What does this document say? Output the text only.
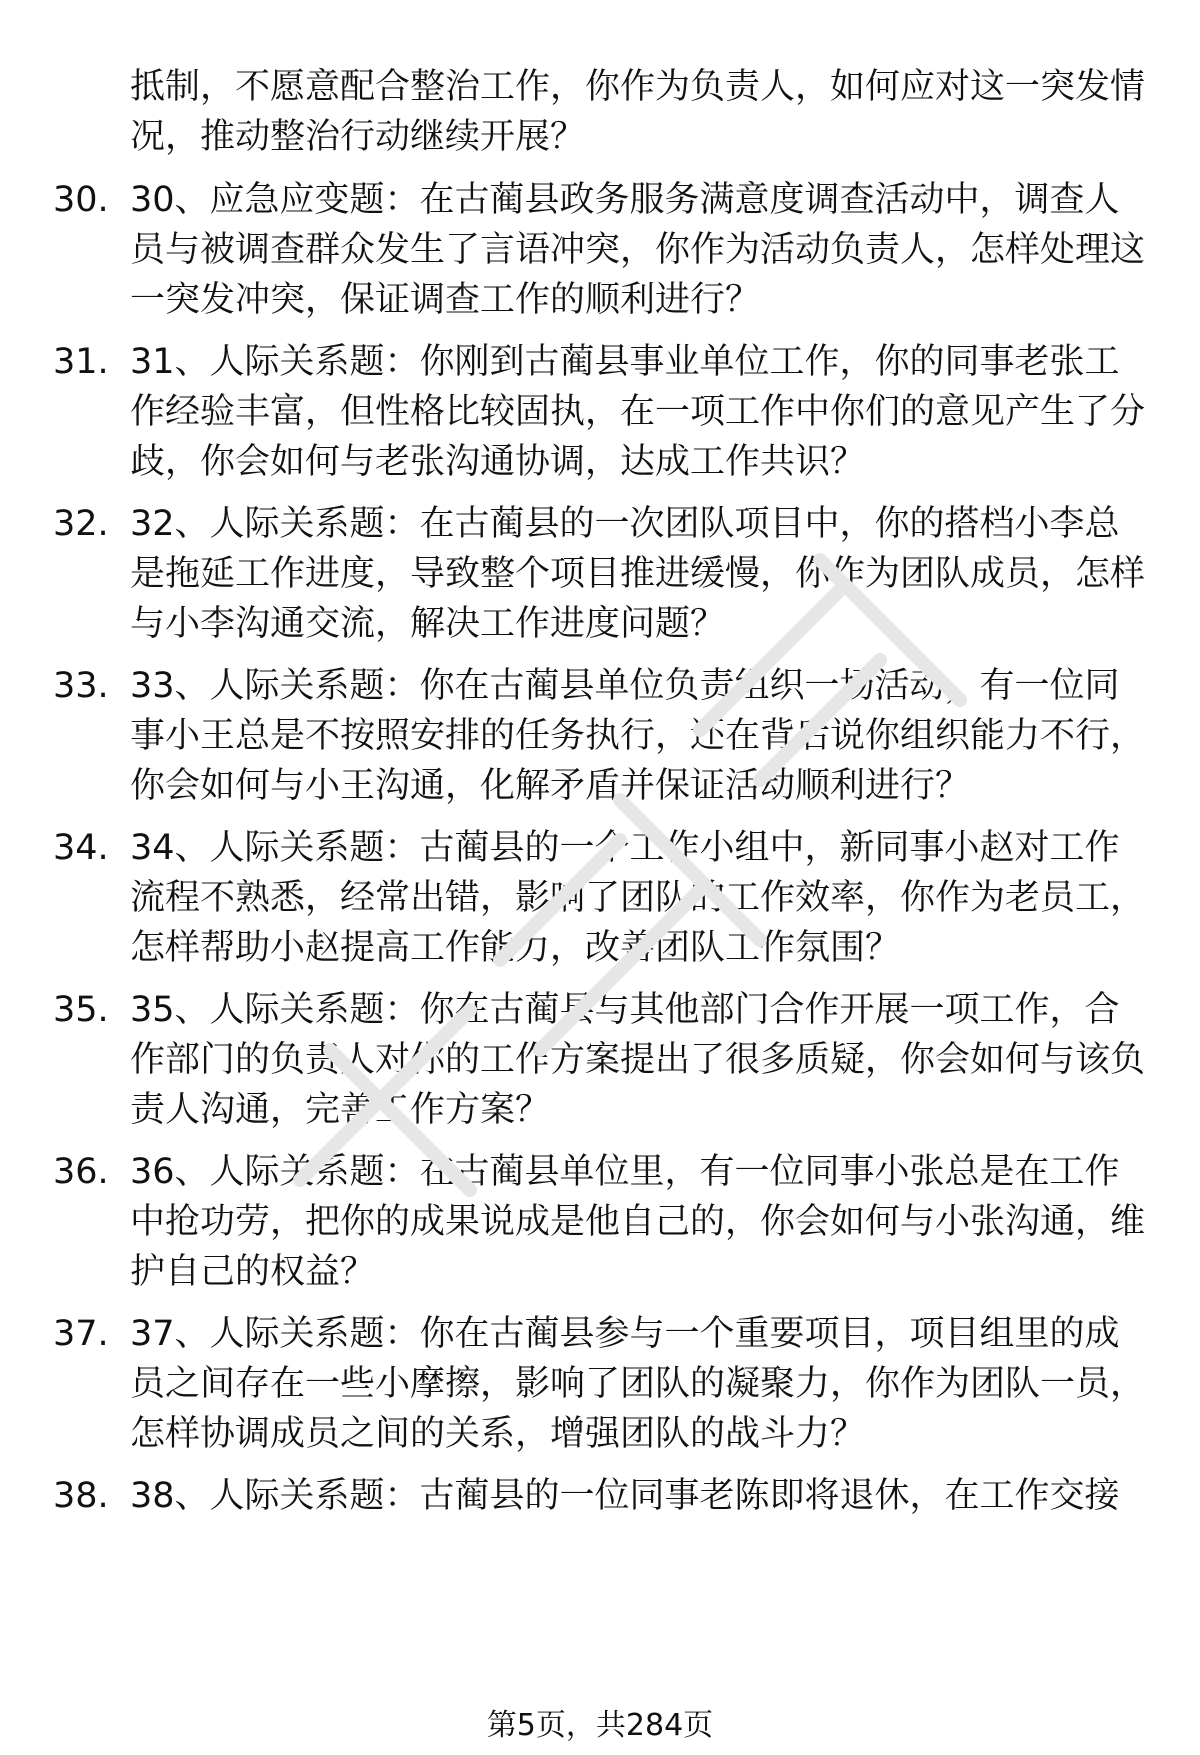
抵制，不愿意配合整治工作，你作为负责人，如何应对这一突发情况，推动整治行动继续开展？

30. 30、应急应变题：在古蔺县政务服务满意度调查活动中，调查人员与被调查群众发生了言语冲突，你作为活动负责人，怎样处理这一突发冲突，保证调查工作的顺利进行？

31. 31、人际关系题：你刚到古蔺县事业单位工作，你的同事老张工作经验丰富，但性格比较固执，在一项工作中你们的意见产生了分歧，你会如何与老张沟通协调，达成工作共识？

32. 32、人际关系题：在古蔺县的一次团队项目中，你的搭档小李总是拖延工作进度，导致整个项目推进缓慢，你作为团队成员，怎样与小李沟通交流，解决工作进度问题？

33. 33、人际关系题：你在古蔺县单位负责组织一场活动，有一位同事小王总是不按照安排的任务执行，还在背后说你组织能力不行，你会如何与小王沟通，化解矛盾并保证活动顺利进行？

34. 34、人际关系题：古蔺县的一个工作小组中，新同事小赵对工作流程不熟悉，经常出错，影响了团队的工作效率，你作为老员工，怎样帮助小赵提高工作能力，改善团队工作氛围？

35. 35、人际关系题：你在古蔺县与其他部门合作开展一项工作，合作部门的负责人对你的工作方案提出了很多质疑，你会如何与该负责人沟通，完善工作方案？

36. 36、人际关系题：在古蔺县单位里，有一位同事小张总是在工作中抢功劳，把你的成果说成是他自己的，你会如何与小张沟通，维护自己的权益？

37. 37、人际关系题：你在古蔺县参与一个重要项目，项目组里的成员之间存在一些小摩擦，影响了团队的凝聚力，你作为团队一员，怎样协调成员之间的关系，增强团队的战斗力？

38. 38、人际关系题：古蔺县的一位同事老陈即将退休，在工作交接

第5页，共284页
